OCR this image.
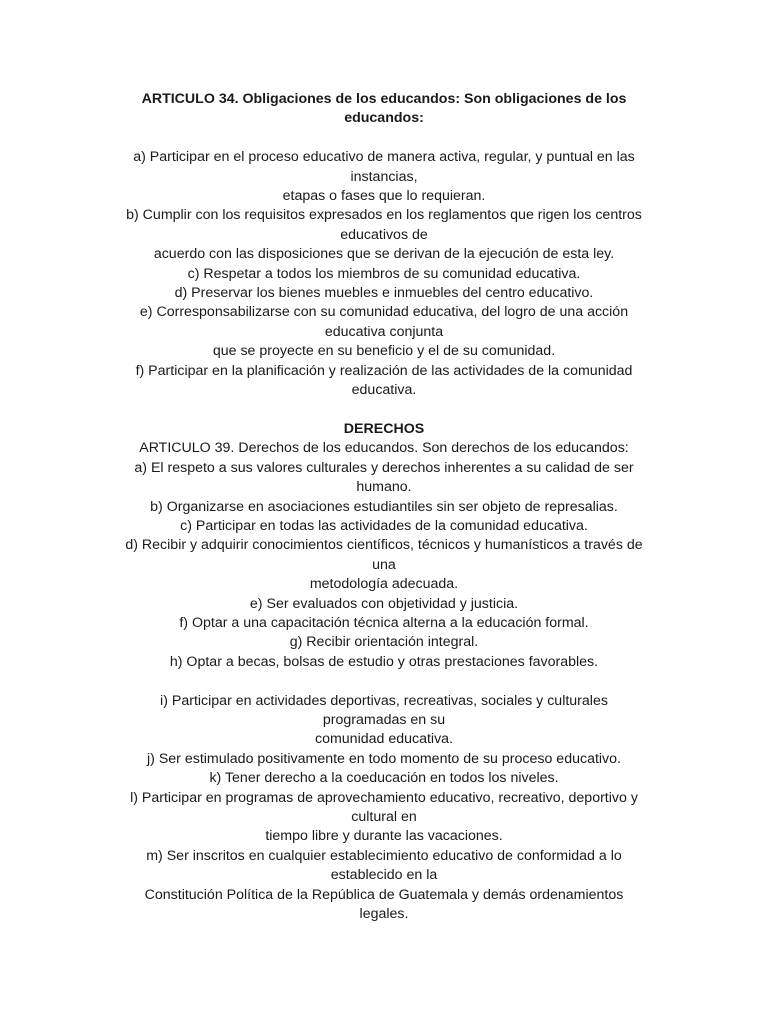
ARTICULO 34. Obligaciones de los educandos: Son obligaciones de los
educandos:
a) Participar en el proceso educativo de manera activa, regular, y puntual en las
instancias,
etapas o fases que lo requieran.
b) Cumplir con los requisitos expresados en los reglamentos que rigen los centros
educativos de
acuerdo con las disposiciones que se derivan de la ejecución de esta ley.
c) Respetar a todos los miembros de su comunidad educativa.
d) Preservar los bienes muebles e inmuebles del centro educativo.
e) Corresponsabilizarse con su comunidad educativa, del logro de una acción
educativa conjunta
que se proyecte en su beneficio y el de su comunidad.
f) Participar en la planificación y realización de las actividades de la comunidad
educativa.
DERECHOS
ARTICULO 39. Derechos de los educandos. Son derechos de los educandos:
a) El respeto a sus valores culturales y derechos inherentes a su calidad de ser
humano.
b) Organizarse en asociaciones estudiantiles sin ser objeto de represalias.
c) Participar en todas las actividades de la comunidad educativa.
d) Recibir y adquirir conocimientos científicos, técnicos y humanísticos a través de
una
metodología adecuada.
e) Ser evaluados con objetividad y justicia.
f) Optar a una capacitación técnica alterna a la educación formal.
g) Recibir orientación integral.
h) Optar a becas, bolsas de estudio y otras prestaciones favorables.
i) Participar en actividades deportivas, recreativas, sociales y culturales
programadas en su
comunidad educativa.
j) Ser estimulado positivamente en todo momento de su proceso educativo.
k) Tener derecho a la coeducación en todos los niveles.
l) Participar en programas de aprovechamiento educativo, recreativo, deportivo y
cultural en
tiempo libre y durante las vacaciones.
m) Ser inscritos en cualquier establecimiento educativo de conformidad a lo
establecido en la
Constitución Política de la República de Guatemala y demás ordenamientos
legales.
